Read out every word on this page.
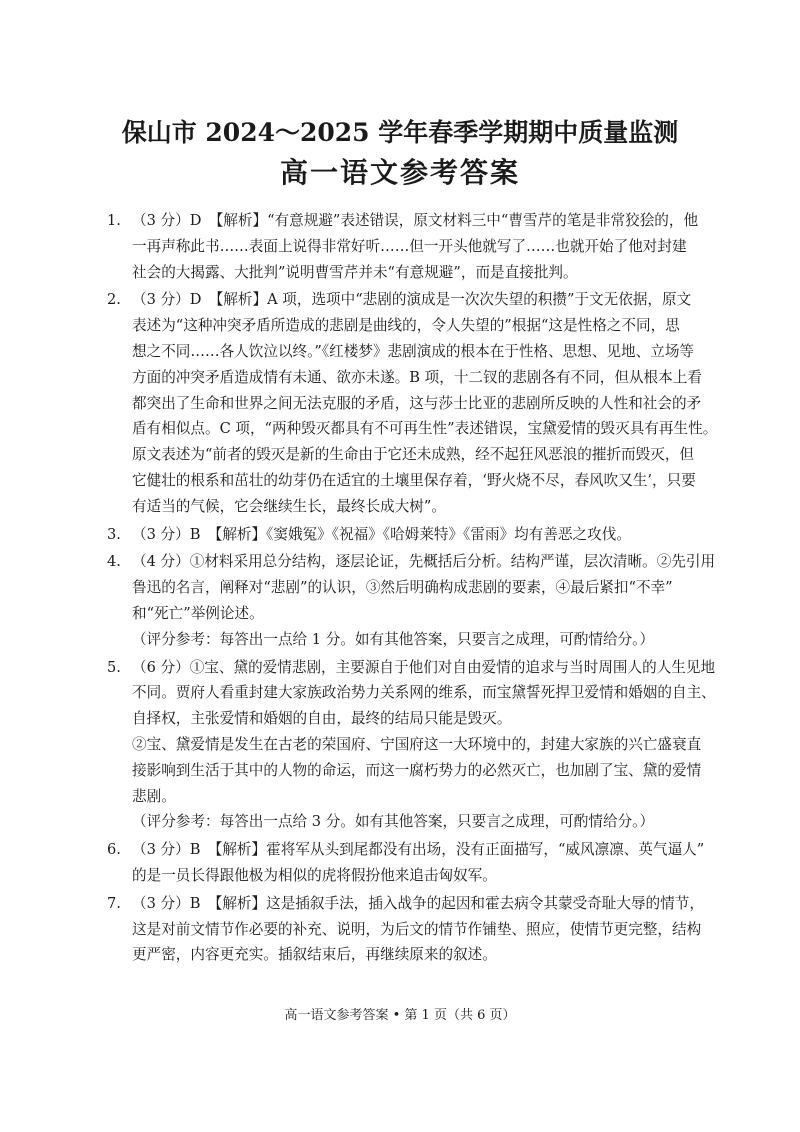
保山市 2024～2025 学年春季学期期中质量监测
高一语文参考答案
1. （3 分）D　【解析】“有意规避”表述错误，原文材料三中“曹雪芹的笔是非常狡狯的，他
一再声称此书……表面上说得非常好听……但一开头他就写了……也就开始了他对封建
社会的大揭露、大批判”说明曹雪芹并未“有意规避”，而是直接批判。
2. （3 分）D　【解析】A 项，选项中“悲剧的演成是一次次失望的积攒”于文无依据，原文
表述为“这种冲突矛盾所造成的悲剧是曲线的，令人失望的”根据“这是性格之不同，思
想之不同……各人饮泣以终。”《红楼梦》悲剧演成的根本在于性格、思想、见地、立场等
方面的冲突矛盾造成情有未通、欲亦未遂。B 项，十二钗的悲剧各有不同，但从根本上看
都突出了生命和世界之间无法克服的矛盾，这与莎士比亚的悲剧所反映的人性和社会的矛
盾有相似点。C 项，“两种毁灭都具有不可再生性”表述错误，宝黛爱情的毁灭具有再生性。
原文表述为“前者的毁灭是新的生命由于它还未成熟，经不起狂风恶浪的摧折而毁灭，但
它健壮的根系和茁壮的幼芽仍在适宜的土壤里保存着，‘野火烧不尽，春风吹又生’，只要
有适当的气候，它会继续生长，最终长成大树”。
3. （3 分）B　【解析】《窦娥冤》《祝福》《哈姆莱特》《雷雨》均有善恶之攻伐。
4. （4 分）①材料采用总分结构，逐层论证，先概括后分析。结构严谨，层次清晰。②先引用
鲁迅的名言，阐释对“悲剧”的认识，③然后明确构成悲剧的要素，④最后紧扣“不幸”
和“死亡”举例论述。
（评分参考：每答出一点给 1 分。如有其他答案，只要言之成理，可酌情给分。）
5. （6 分）①宝、黛的爱情悲剧，主要源自于他们对自由爱情的追求与当时周围人的人生见地
不同。贾府人看重封建大家族政治势力关系网的维系，而宝黛誓死捍卫爱情和婚姻的自主、
自择权，主张爱情和婚姻的自由，最终的结局只能是毁灭。
②宝、黛爱情是发生在古老的荣国府、宁国府这一大环境中的，封建大家族的兴亡盛衰直
接影响到生活于其中的人物的命运，而这一腐朽势力的必然灭亡，也加剧了宝、黛的爱情
悲剧。
（评分参考：每答出一点给 3 分。如有其他答案，只要言之成理，可酌情给分。）
6. （3 分）B　【解析】霍将军从头到尾都没有出场，没有正面描写，“威风凛凛、英气逼人”
的是一员长得跟他极为相似的虎将假扮他来追击匈奴军。
7. （3 分）B　【解析】这是插叙手法，插入战争的起因和霍去病令其蒙受奇耻大辱的情节，
这是对前文情节作必要的补充、说明，为后文的情节作铺垫、照应，使情节更完整，结构
更严密，内容更充实。插叙结束后，再继续原来的叙述。
高一语文参考答案 • 第 1 页（共 6 页）
